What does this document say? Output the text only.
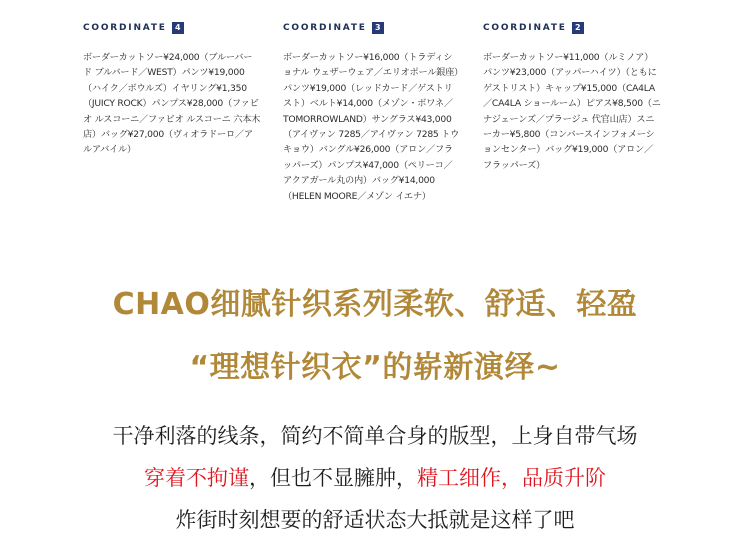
COORDINATE	4
ボーダーカットソー¥24,000（ブルーバード ブルバード／WEST）パンツ¥19,000（ハイク／ボウルズ）イヤリング¥1,350（JUICY ROCK）パンプス¥28,000（ファビオ ルスコーニ／ファビオ ルスコーニ 六本木店）バッグ¥27,000（ヴィオラドーロ／アルアバイル）
COORDINATE	3
ボーダーカットソー¥16,000（トラディショナル ウェザーウェア／エリオポール銀座）パンツ¥19,000（レッドカード／ゲストリスト）ベルト¥14,000（メゾン・ボワネ／TOMORROWLAND）サングラス¥43,000（アイヴァン 7285／アイヴァン 7285 トウキョウ）バングル¥26,000（アロン／フラッパーズ）パンプス¥47,000（ペリーコ／アクアガール丸の内）バッグ¥14,000（HELEN MOORE／メゾン イエナ）
COORDINATE	2
ボーダーカットソー¥11,000（ルミノア）パンツ¥23,000（アッパーハイツ）（ともにゲストリスト）キャップ¥15,000（CA4LA／CA4LA ショールーム）ピアス¥8,500（ニナジェーンズ／プラージュ 代官山店）スニーカー¥5,800（コンバースインフォメーションセンター）バッグ¥19,000（アロン／フラッパーズ）
CHAO细腻针织系列柔软、舒适、轻盈
“理想针织衣”的崭新演绎~
干净利落的线条，简约不简单合身的版型，上身自带气场
穿着不拘谨，但也不显臃肿，精工细作，品质升阶
炸街时刻想要的舒适状态大抵就是这样了吧
